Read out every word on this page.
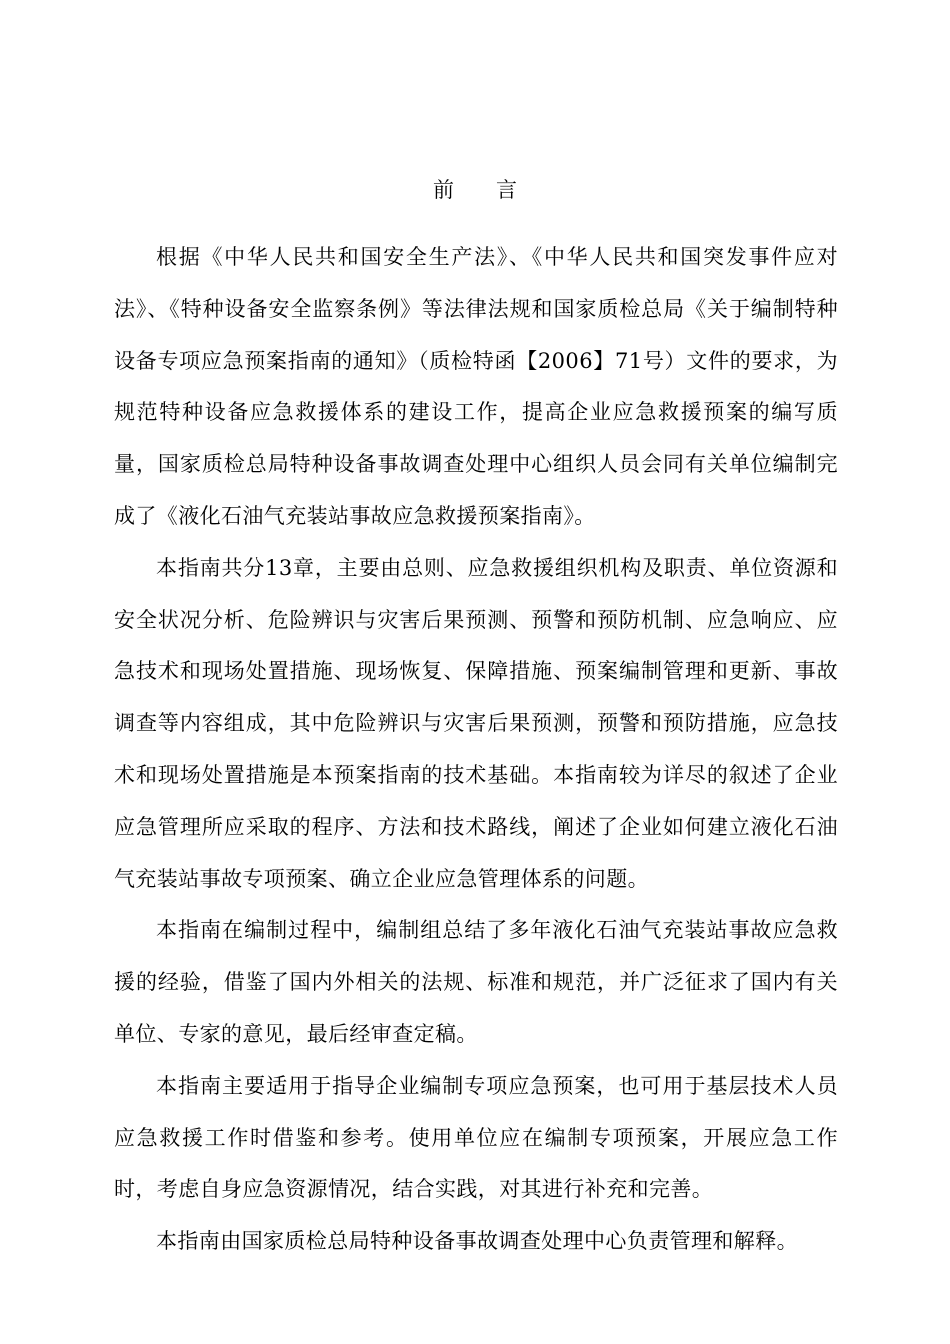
前 言

根据《中华人民共和国安全生产法》、《中华人民共和国突发事件应对法》、《特种设备安全监察条例》等法律法规和国家质检总局《关于编制特种设备专项应急预案指南的通知》（质检特函【2006】71号）文件的要求，为规范特种设备应急救援体系的建设工作，提高企业应急救援预案的编写质量，国家质检总局特种设备事故调查处理中心组织人员会同有关单位编制完成了《液化石油气充装站事故应急救援预案指南》。

本指南共分13章，主要由总则、应急救援组织机构及职责、单位资源和安全状况分析、危险辨识与灾害后果预测、预警和预防机制、应急响应、应急技术和现场处置措施、现场恢复、保障措施、预案编制管理和更新、事故调查等内容组成，其中危险辨识与灾害后果预测，预警和预防措施，应急技术和现场处置措施是本预案指南的技术基础。本指南较为详尽的叙述了企业应急管理所应采取的程序、方法和技术路线，阐述了企业如何建立液化石油气充装站事故专项预案、确立企业应急管理体系的问题。

本指南在编制过程中，编制组总结了多年液化石油气充装站事故应急救援的经验，借鉴了国内外相关的法规、标准和规范，并广泛征求了国内有关单位、专家的意见，最后经审查定稿。

本指南主要适用于指导企业编制专项应急预案，也可用于基层技术人员应急救援工作时借鉴和参考。使用单位应在编制专项预案，开展应急工作时，考虑自身应急资源情况，结合实践，对其进行补充和完善。

本指南由国家质检总局特种设备事故调查处理中心负责管理和解释。
